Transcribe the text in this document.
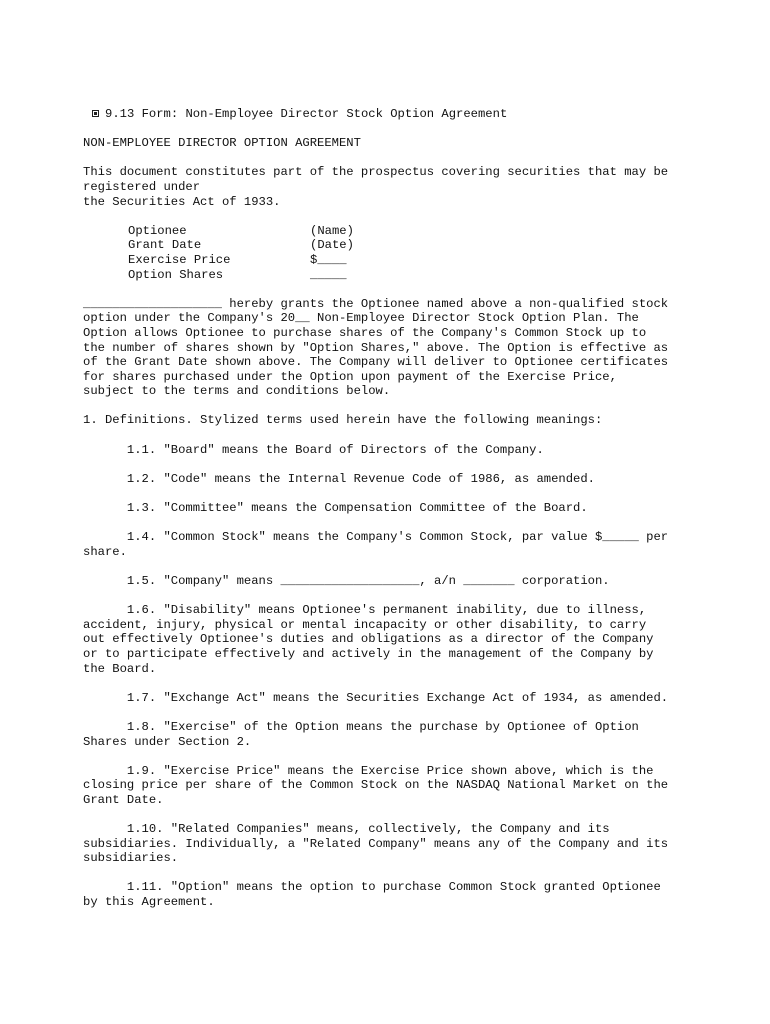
9.13 Form: Non-Employee Director Stock Option Agreement
NON-EMPLOYEE DIRECTOR OPTION AGREEMENT
This document constitutes part of the prospectus covering securities that may be
registered under
the Securities Act of 1933.
Optionee	(Name)
Grant Date	(Date)
Exercise Price	$____
Option Shares	_____
___________________ hereby grants the Optionee named above a non-qualified stock
option under the Company's 20__ Non-Employee Director Stock Option Plan. The
Option allows Optionee to purchase shares of the Company's Common Stock up to
the number of shares shown by "Option Shares," above. The Option is effective as
of the Grant Date shown above. The Company will deliver to Optionee certificates
for shares purchased under the Option upon payment of the Exercise Price,
subject to the terms and conditions below.
1. Definitions. Stylized terms used herein have the following meanings:
1.1. "Board" means the Board of Directors of the Company.
1.2. "Code" means the Internal Revenue Code of 1986, as amended.
1.3. "Committee" means the Compensation Committee of the Board.
1.4. "Common Stock" means the Company's Common Stock, par value $_____ per
share.
1.5. "Company" means ___________________, a/n _______ corporation.
1.6. "Disability" means Optionee's permanent inability, due to illness,
accident, injury, physical or mental incapacity or other disability, to carry
out effectively Optionee's duties and obligations as a director of the Company
or to participate effectively and actively in the management of the Company by
the Board.
1.7. "Exchange Act" means the Securities Exchange Act of 1934, as amended.
1.8. "Exercise" of the Option means the purchase by Optionee of Option
Shares under Section 2.
1.9. "Exercise Price" means the Exercise Price shown above, which is the
closing price per share of the Common Stock on the NASDAQ National Market on the
Grant Date.
1.10. "Related Companies" means, collectively, the Company and its
subsidiaries. Individually, a "Related Company" means any of the Company and its
subsidiaries.
1.11. "Option" means the option to purchase Common Stock granted Optionee
by this Agreement.
